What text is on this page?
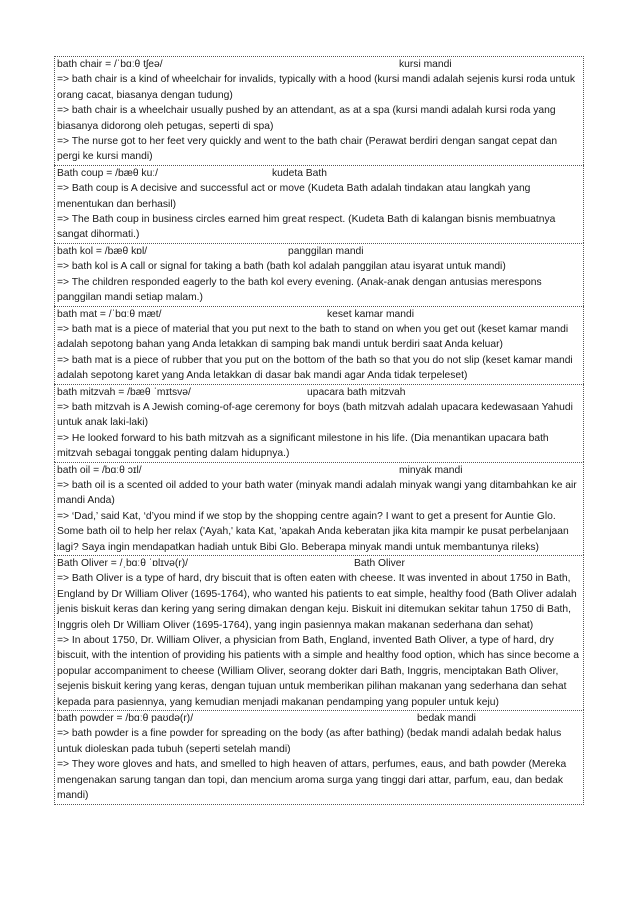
bath chair = /ˈbɑːθ tʃeə/	kursi mandi

=> bath chair is a kind of wheelchair for invalids, typically with a hood (kursi mandi adalah sejenis kursi roda untuk orang cacat, biasanya dengan tudung)

=> bath chair is a wheelchair usually pushed by an attendant, as at a spa (kursi mandi adalah kursi roda yang biasanya didorong oleh petugas, seperti di spa)

=> The nurse got to her feet very quickly and went to the bath chair (Perawat berdiri dengan sangat cepat dan pergi ke kursi mandi)

Bath coup = /bæθ kuː/	kudeta Bath

=> Bath coup is A decisive and successful act or move (Kudeta Bath adalah tindakan atau langkah yang menentukan dan berhasil)

=> The Bath coup in business circles earned him great respect. (Kudeta Bath di kalangan bisnis membuatnya sangat dihormati.)

bath kol = /bæθ kɒl/	panggilan mandi

=> bath kol is A call or signal for taking a bath (bath kol adalah panggilan atau isyarat untuk mandi)

=> The children responded eagerly to the bath kol every evening. (Anak-anak dengan antusias merespons panggilan mandi setiap malam.)

bath mat = /ˈbɑːθ mæt/	keset kamar mandi

=> bath mat is a piece of material that you put next to the bath to stand on when you get out (keset kamar mandi adalah sepotong bahan yang Anda letakkan di samping bak mandi untuk berdiri saat Anda keluar)

=> bath mat is a piece of rubber that you put on the bottom of the bath so that you do not slip (keset kamar mandi adalah sepotong karet yang Anda letakkan di dasar bak mandi agar Anda tidak terpeleset)

bath mitzvah = /bæθ ˈmɪtsvə/	upacara bath mitzvah

=> bath mitzvah is A Jewish coming-of-age ceremony for boys (bath mitzvah adalah upacara kedewasaan Yahudi untuk anak laki-laki)

=> He looked forward to his bath mitzvah as a significant milestone in his life. (Dia menantikan upacara bath mitzvah sebagai tonggak penting dalam hidupnya.)

bath oil = /bɑːθ ɔɪl/	minyak mandi

=> bath oil is a scented oil added to your bath water (minyak mandi adalah minyak wangi yang ditambahkan ke air mandi Anda)

=> ‘Dad,’ said Kat, ‘d’you mind if we stop by the shopping centre again? I want to get a present for Auntie Glo. Some bath oil to help her relax ('Ayah,' kata Kat, 'apakah Anda keberatan jika kita mampir ke pusat perbelanjaan lagi? Saya ingin mendapatkan hadiah untuk Bibi Glo. Beberapa minyak mandi untuk membantunya rileks)

Bath Oliver = /ˌbɑːθ ˈɒlɪvə(r)/	Bath Oliver

=> Bath Oliver is a type of hard, dry biscuit that is often eaten with cheese. It was invented in about 1750 in Bath, England by Dr William Oliver (1695-1764), who wanted his patients to eat simple, healthy food (Bath Oliver adalah jenis biskuit keras dan kering yang sering dimakan dengan keju. Biskuit ini ditemukan sekitar tahun 1750 di Bath, Inggris oleh Dr William Oliver (1695-1764), yang ingin pasiennya makan makanan sederhana dan sehat)

=> In about 1750, Dr. William Oliver, a physician from Bath, England, invented Bath Oliver, a type of hard, dry biscuit, with the intention of providing his patients with a simple and healthy food option, which has since become a popular accompaniment to cheese (William Oliver, seorang dokter dari Bath, Inggris, menciptakan Bath Oliver, sejenis biskuit kering yang keras, dengan tujuan untuk memberikan pilihan makanan yang sederhana dan sehat kepada para pasiennya, yang kemudian menjadi makanan pendamping yang populer untuk keju)

bath powder = /bɑːθ paʊdə(r)/	bedak mandi

=> bath powder is a fine powder for spreading on the body (as after bathing) (bedak mandi adalah bedak halus untuk dioleskan pada tubuh (seperti setelah mandi)

=> They wore gloves and hats, and smelled to high heaven of attars, perfumes, eaus, and bath powder (Mereka mengenakan sarung tangan dan topi, dan mencium aroma surga yang tinggi dari attar, parfum, eau, dan bedak mandi)
